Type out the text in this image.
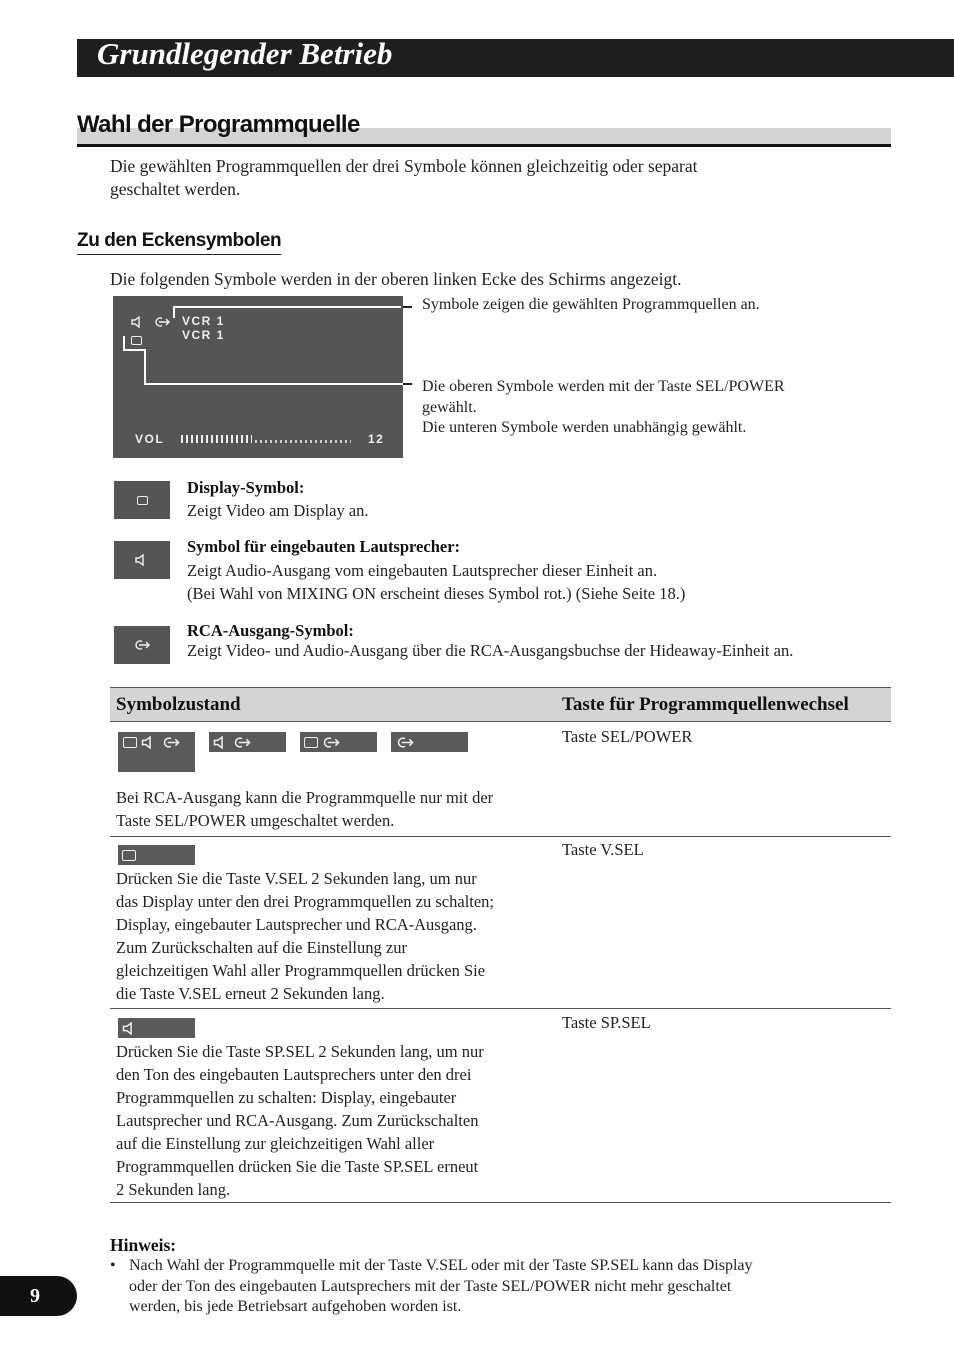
Grundlegender Betrieb
Wahl der Programmquelle
Die gewählten Programmquellen der drei Symbole können gleichzeitig oder separat
geschaltet werden.
Zu den Eckensymbolen
Die folgenden Symbole werden in der oberen linken Ecke des Schirms angezeigt.
VCR 1
VCR 1
VOL	12
Symbole zeigen die gewählten Programmquellen an.
Die oberen Symbole werden mit der Taste SEL/POWER
gewählt.
Die unteren Symbole werden unabhängig gewählt.
Display-Symbol:
Zeigt Video am Display an.
Symbol für eingebauten Lautsprecher:
Zeigt Audio-Ausgang vom eingebauten Lautsprecher dieser Einheit an.
(Bei Wahl von MIXING ON erscheint dieses Symbol rot.) (Siehe Seite 18.)
RCA-Ausgang-Symbol:
Zeigt Video- und Audio-Ausgang über die RCA-Ausgangsbuchse der Hideaway-Einheit an.
Symbolzustand	Taste für Programmquellenwechsel
Bei RCA-Ausgang kann die Programmquelle nur mit der
Taste SEL/POWER umgeschaltet werden.
Taste SEL/POWER
Drücken Sie die Taste V.SEL 2 Sekunden lang, um nur
das Display unter den drei Programmquellen zu schalten;
Display, eingebauter Lautsprecher und RCA-Ausgang.
Zum Zurückschalten auf die Einstellung zur
gleichzeitigen Wahl aller Programmquellen drücken Sie
die Taste V.SEL erneut 2 Sekunden lang.
Taste V.SEL
Drücken Sie die Taste SP.SEL 2 Sekunden lang, um nur
den Ton des eingebauten Lautsprechers unter den drei
Programmquellen zu schalten: Display, eingebauter
Lautsprecher und RCA-Ausgang. Zum Zurückschalten
auf die Einstellung zur gleichzeitigen Wahl aller
Programmquellen drücken Sie die Taste SP.SEL erneut
2 Sekunden lang.
Taste SP.SEL
Hinweis:
• Nach Wahl der Programmquelle mit der Taste V.SEL oder mit der Taste SP.SEL kann das Display
oder der Ton des eingebauten Lautsprechers mit der Taste SEL/POWER nicht mehr geschaltet
werden, bis jede Betriebsart aufgehoben worden ist.
9
